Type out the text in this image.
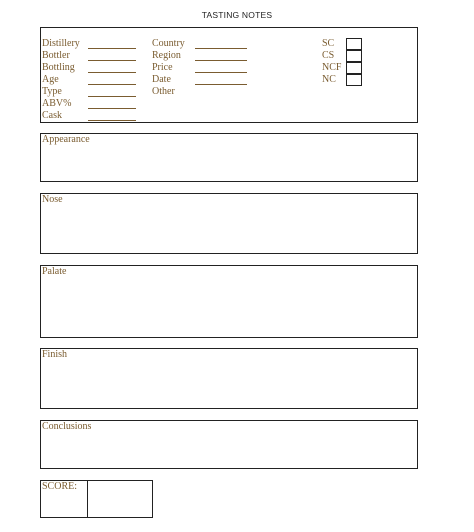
TASTING NOTES
Distillery
Bottler
Bottling
Age
Type
ABV%
Cask
Country
Region
Price
Date
Other
SC
CS
NCF
NC
Appearance
Nose
Palate
Finish
Conclusions
SCORE:
